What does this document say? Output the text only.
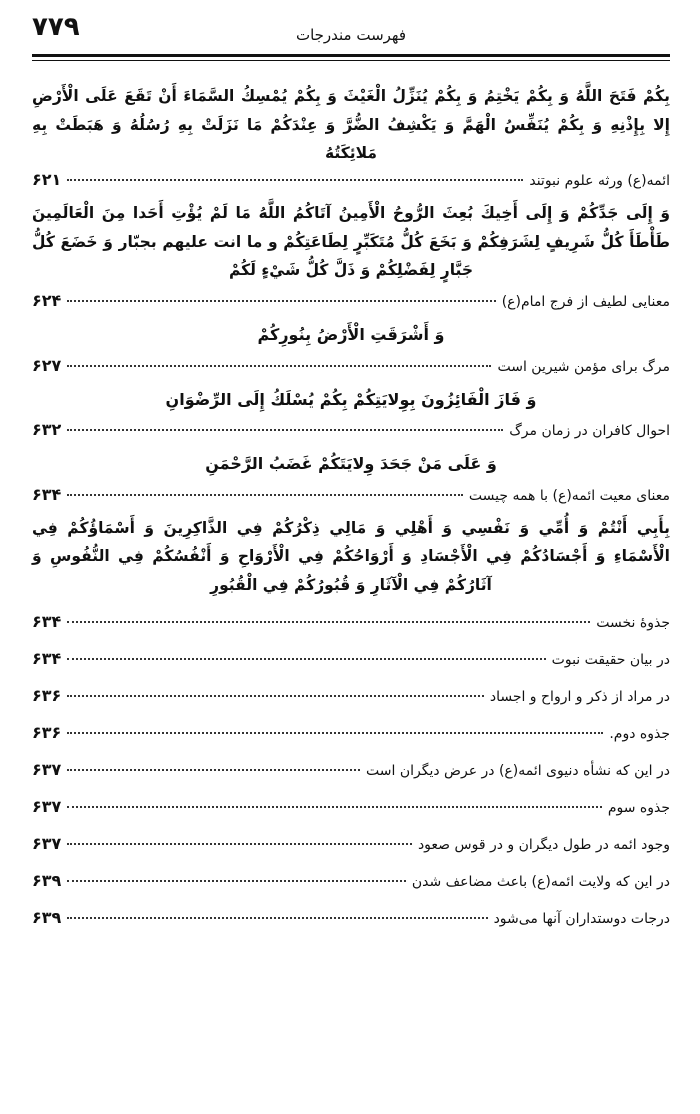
۷۷۹	فهرست مندرجات
بِكُمْ فَتَحَ اللَّهُ وَ بِكُمْ يَخْتِمُ وَ بِكُمْ يُنَزِّلُ الْغَيْثَ وَ بِكُمْ يُمْسِكُ السَّمَاءَ أَنْ تَقَعَ عَلَى الْأَرْضِ إِلا بِإِذْنِهِ وَ بِكُمْ يُنَفِّسُ الْهَمَّ وَ يَكْشِفُ الضُّرَّ وَ عِنْدَكُمْ مَا نَزَلَتْ بِهِ رُسُلُهُ وَ هَبَطَتْ بِهِ مَلائِكَتُهُ
ائمه(ع) ورثه علوم نبوتند
۶۲۱
وَ إِلَى جَدِّكُمْ وَ إِلَى أَخِيكَ بُعِثَ الرُّوحُ الْأَمِينُ آتَاكُمُ اللَّهُ مَا لَمْ يُؤْتِ أَحَدا مِنَ الْعَالَمِينَ طَأْطَأَ كُلُّ شَرِيفٍ لِشَرَفِكُمْ وَ بَخَعَ كُلُّ مُتَكَبِّرٍ لِطَاعَتِكُمْ و ما انت عليهم بجبّار وَ خَضَعَ كُلُّ جَبَّارٍ لِفَضْلِكُمْ وَ ذَلَّ كُلُّ شَيْءٍ لَكُمْ
معنایی لطیف از فرج امام(ع)
۶۲۴
وَ أَشْرَقَتِ الْأَرْضُ بِنُورِكُمْ
مرگ برای مؤمن شیرین است
۶۲۷
وَ فَازَ الْفَائِزُونَ بِوِلايَتِكُمْ بِكُمْ يُسْلَكُ إِلَى الرِّضْوَانِ
احوال کافران در زمان مرگ
۶۳۲
وَ عَلَى مَنْ جَحَدَ وِلايَتَكُمْ غَضَبُ الرَّحْمَنِ
معنای معیت ائمه(ع) با همه چیست
۶۳۴
بِأَبِي أَنْتُمْ وَ أُمِّي وَ نَفْسِي وَ أَهْلِي وَ مَالِي ذِكْرُكُمْ فِي الذَّاكِرِينَ وَ أَسْمَاؤُكُمْ فِي الْأَسْمَاءِ وَ أَجْسَادُكُمْ فِي الْأَجْسَادِ وَ أَرْوَاحُكُمْ فِي الْأَرْوَاحِ وَ أَنْفُسُكُمْ فِي النُّفُوسِ وَ آثَارُكُمْ فِي الْآثَارِ وَ قُبُورُكُمْ فِي الْقُبُورِ
جذوهٔ نخست
۶۳۴
در بیان حقیقت نبوت
۶۳۴
در مراد از ذکر و ارواح و اجساد
۶۳۶
جذوه دوم.
۶۳۶
در این که نشأه دنیوی ائمه(ع) در عرض دیگران است
۶۳۷
جذوه سوم
۶۳۷
وجود ائمه در طول دیگران و در قوس صعود
۶۳۷
در این که ولایت ائمه(ع) باعث مضاعف شدن
۶۳۹
درجات دوستداران آنها می‌شود
۶۳۹
